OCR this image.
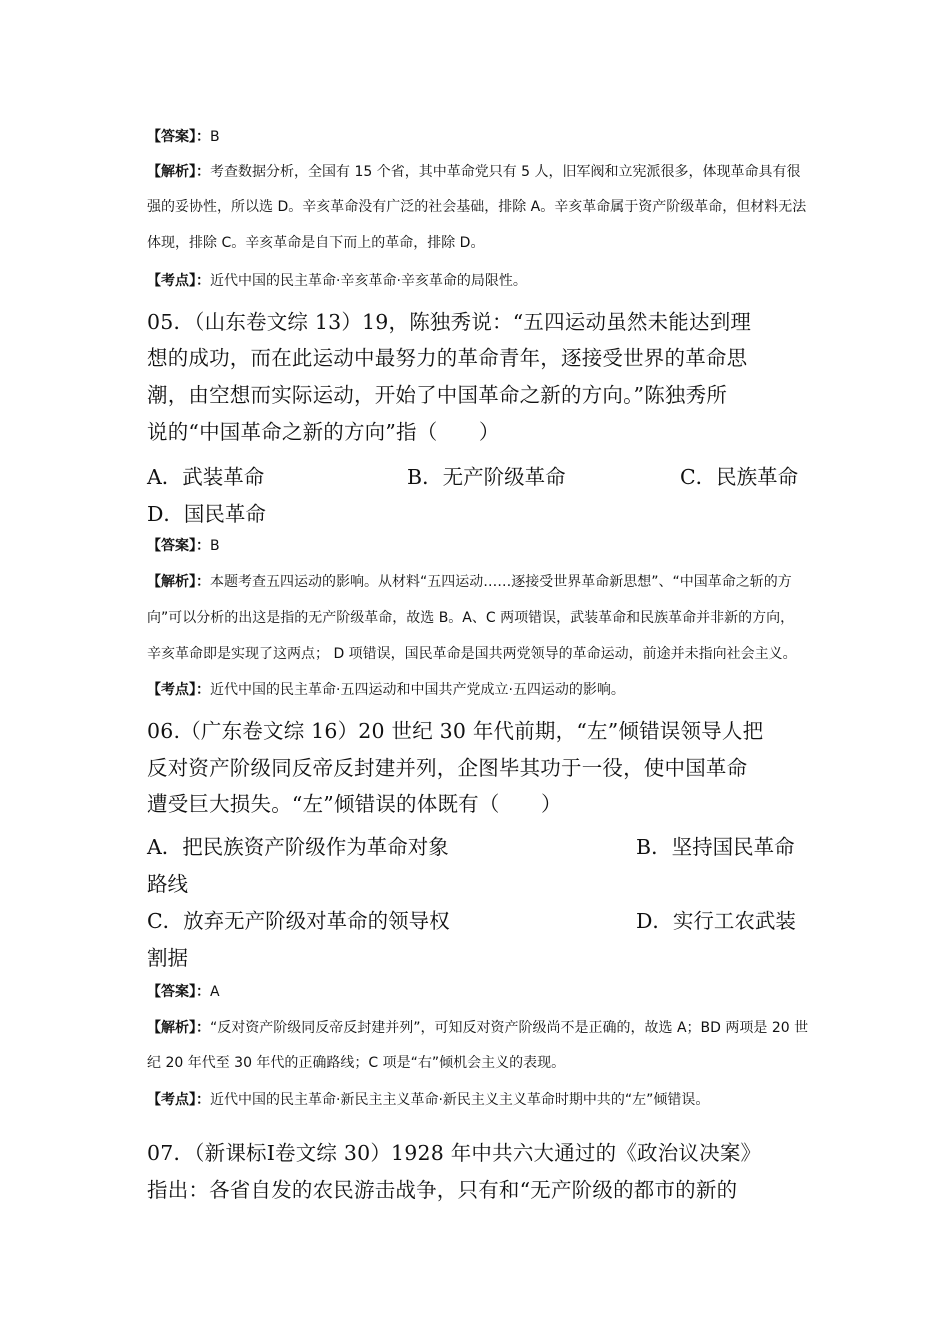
【答案】：B
【解析】：考查数据分析，全国有 15 个省，其中革命党只有 5 人，旧军阀和立宪派很多，体现革命具有很
强的妥协性，所以选 D。辛亥革命没有广泛的社会基础，排除 A。辛亥革命属于资产阶级革命，但材料无法
体现，排除 C。辛亥革命是自下而上的革命，排除 D。
【考点】：近代中国的民主革命·辛亥革命·辛亥革命的局限性。
05．（山东卷文综 13）19，陈独秀说：“五四运动虽然未能达到理
想的成功，而在此运动中最努力的革命青年，逐接受世界的革命思
潮，由空想而实际运动，开始了中国革命之新的方向。”陈独秀所
说的“中国革命之新的方向”指（　　）
A．武装革命	B．无产阶级革命	C．民族革命
D．国民革命
【答案】：B
【解析】：本题考查五四运动的影响。从材料“五四运动……逐接受世界革命新思想”、“中国革命之斩的方
向”可以分析的出这是指的无产阶级革命，故选 B。A、C 两项错误，武装革命和民族革命并非新的方向，
辛亥革命即是实现了这两点； D 项错误，国民革命是国共两党领导的革命运动，前途并未指向社会主义。
【考点】：近代中国的民主革命·五四运动和中国共产党成立·五四运动的影响。
06.（广东卷文综 16）20 世纪 30 年代前期，“左”倾错误领导人把
反对资产阶级同反帝反封建并列，企图毕其功于一役，使中国革命
遭受巨大损失。“左”倾错误的体既有（　　）
A．把民族资产阶级作为革命对象	B．坚持国民革命
路线
C．放弃无产阶级对革命的领导权	D．实行工农武装
割据
【答案】：A
【解析】：“反对资产阶级同反帝反封建并列”，可知反对资产阶级尚不是正确的，故选 A；BD 两项是 20 世
纪 20 年代至 30 年代的正确路线；C 项是“右”倾机会主义的表现。
【考点】：近代中国的民主革命·新民主主义革命·新民主义主义革命时期中共的“左”倾错误。
07．（新课标Ⅰ卷文综 30）1928 年中共六大通过的《政治议决案》
指出：各省自发的农民游击战争，只有和“无产阶级的都市的新的
